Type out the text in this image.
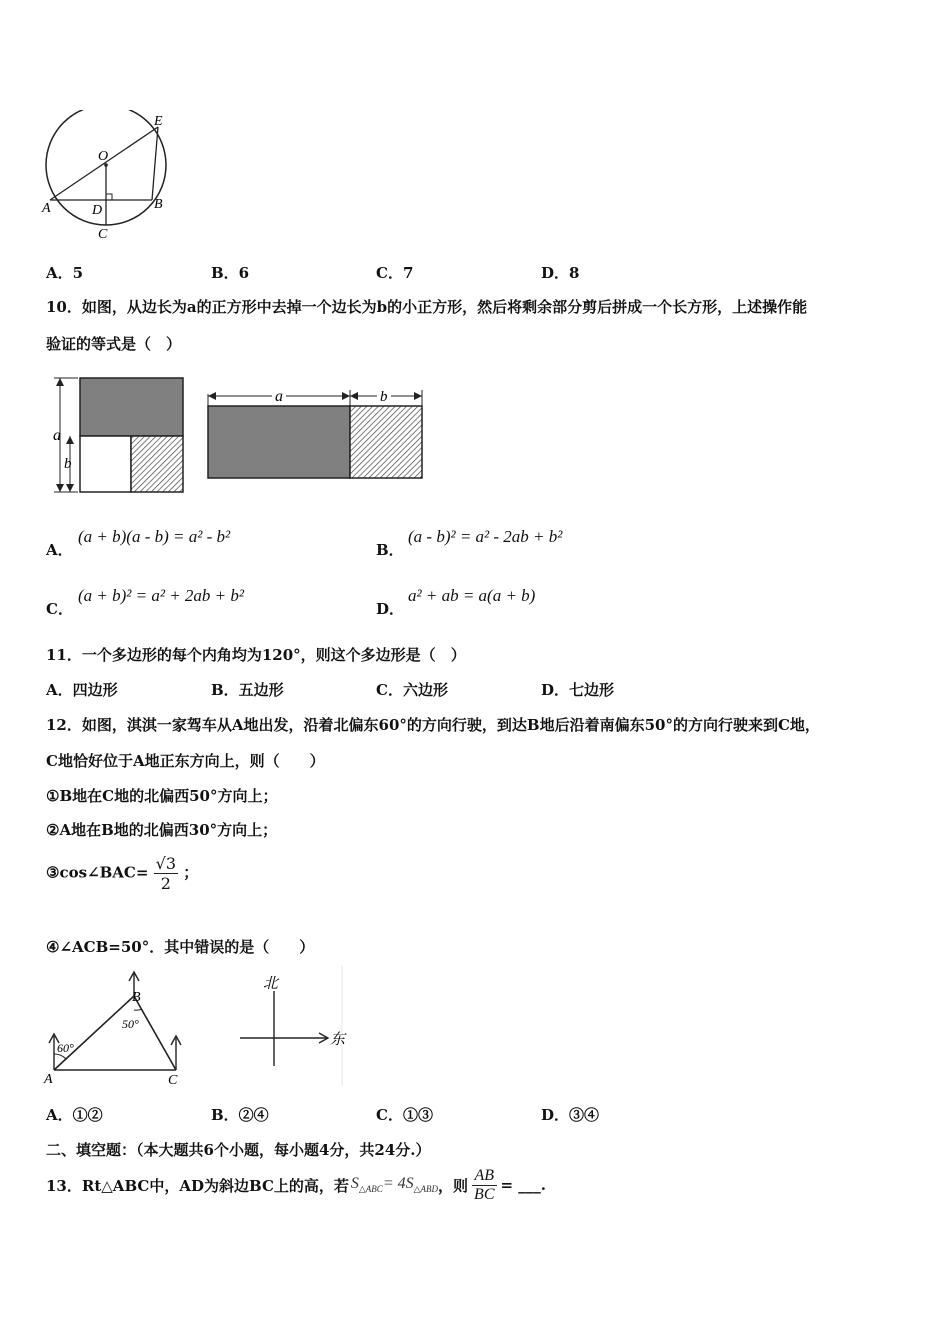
E
O
A	D	B
C
A．5	B．6	C．7	D．8
10．如图，从边长为a的正方形中去掉一个边长为b的小正方形，然后将剩余部分剪后拼成一个长方形，上述操作能
验证的等式是（　）
a
b
a	b
A．
(a + b)(a - b) = a² - b²
B．
(a - b)² = a² - 2ab + b²
C．
(a + b)² = a² + 2ab + b²
D．
a² + ab = a(a + b)
11．一个多边形的每个内角均为120°，则这个多边形是（　）
A．四边形	B．五边形	C．六边形	D．七边形
12．如图，淇淇一家驾车从A地出发，沿着北偏东60°的方向行驶，到达B地后沿着南偏东50°的方向行驶来到C地，
C地恰好位于A地正东方向上，则（　　）
①B地在C地的北偏西50°方向上；
②A地在B地的北偏西30°方向上；
③cos∠BAC= $\frac{√3}{2}$ ；
④∠ACB=50°．其中错误的是（　　）
60°
50°
A
B
C
北
东
A．①②	B．②④	C．①③	D．③④
二、填空题：（本大题共6个小题，每小题4分，共24分.）
13．Rt△ABC中，AD为斜边BC上的高，若 $S_{\triangle ABC} = 4S_{\triangle ABD}$ ，则 $\frac{AB}{BC}$ = ___.
